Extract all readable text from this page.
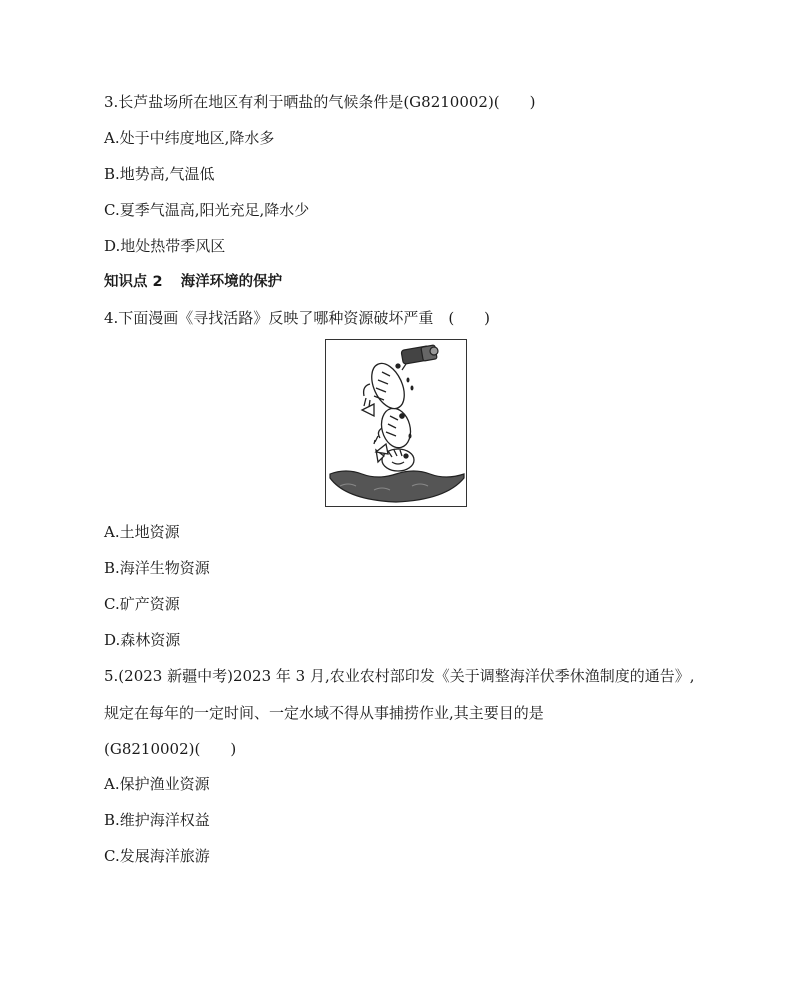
3.长芦盐场所在地区有利于晒盐的气候条件是(G8210002)(　　)
A.处于中纬度地区,降水多
B.地势高,气温低
C.夏季气温高,阳光充足,降水少
D.地处热带季风区
知识点 2 海洋环境的保护
4.下面漫画《寻找活路》反映了哪种资源破坏严重　(　　)
A.土地资源
B.海洋生物资源
C.矿产资源
D.森林资源
5.(2023 新疆中考)2023 年 3 月,农业农村部印发《关于调整海洋伏季休渔制度的通告》,
规定在每年的一定时间、一定水域不得从事捕捞作业,其主要目的是
(G8210002)(　　)
A.保护渔业资源
B.维护海洋权益
C.发展海洋旅游
